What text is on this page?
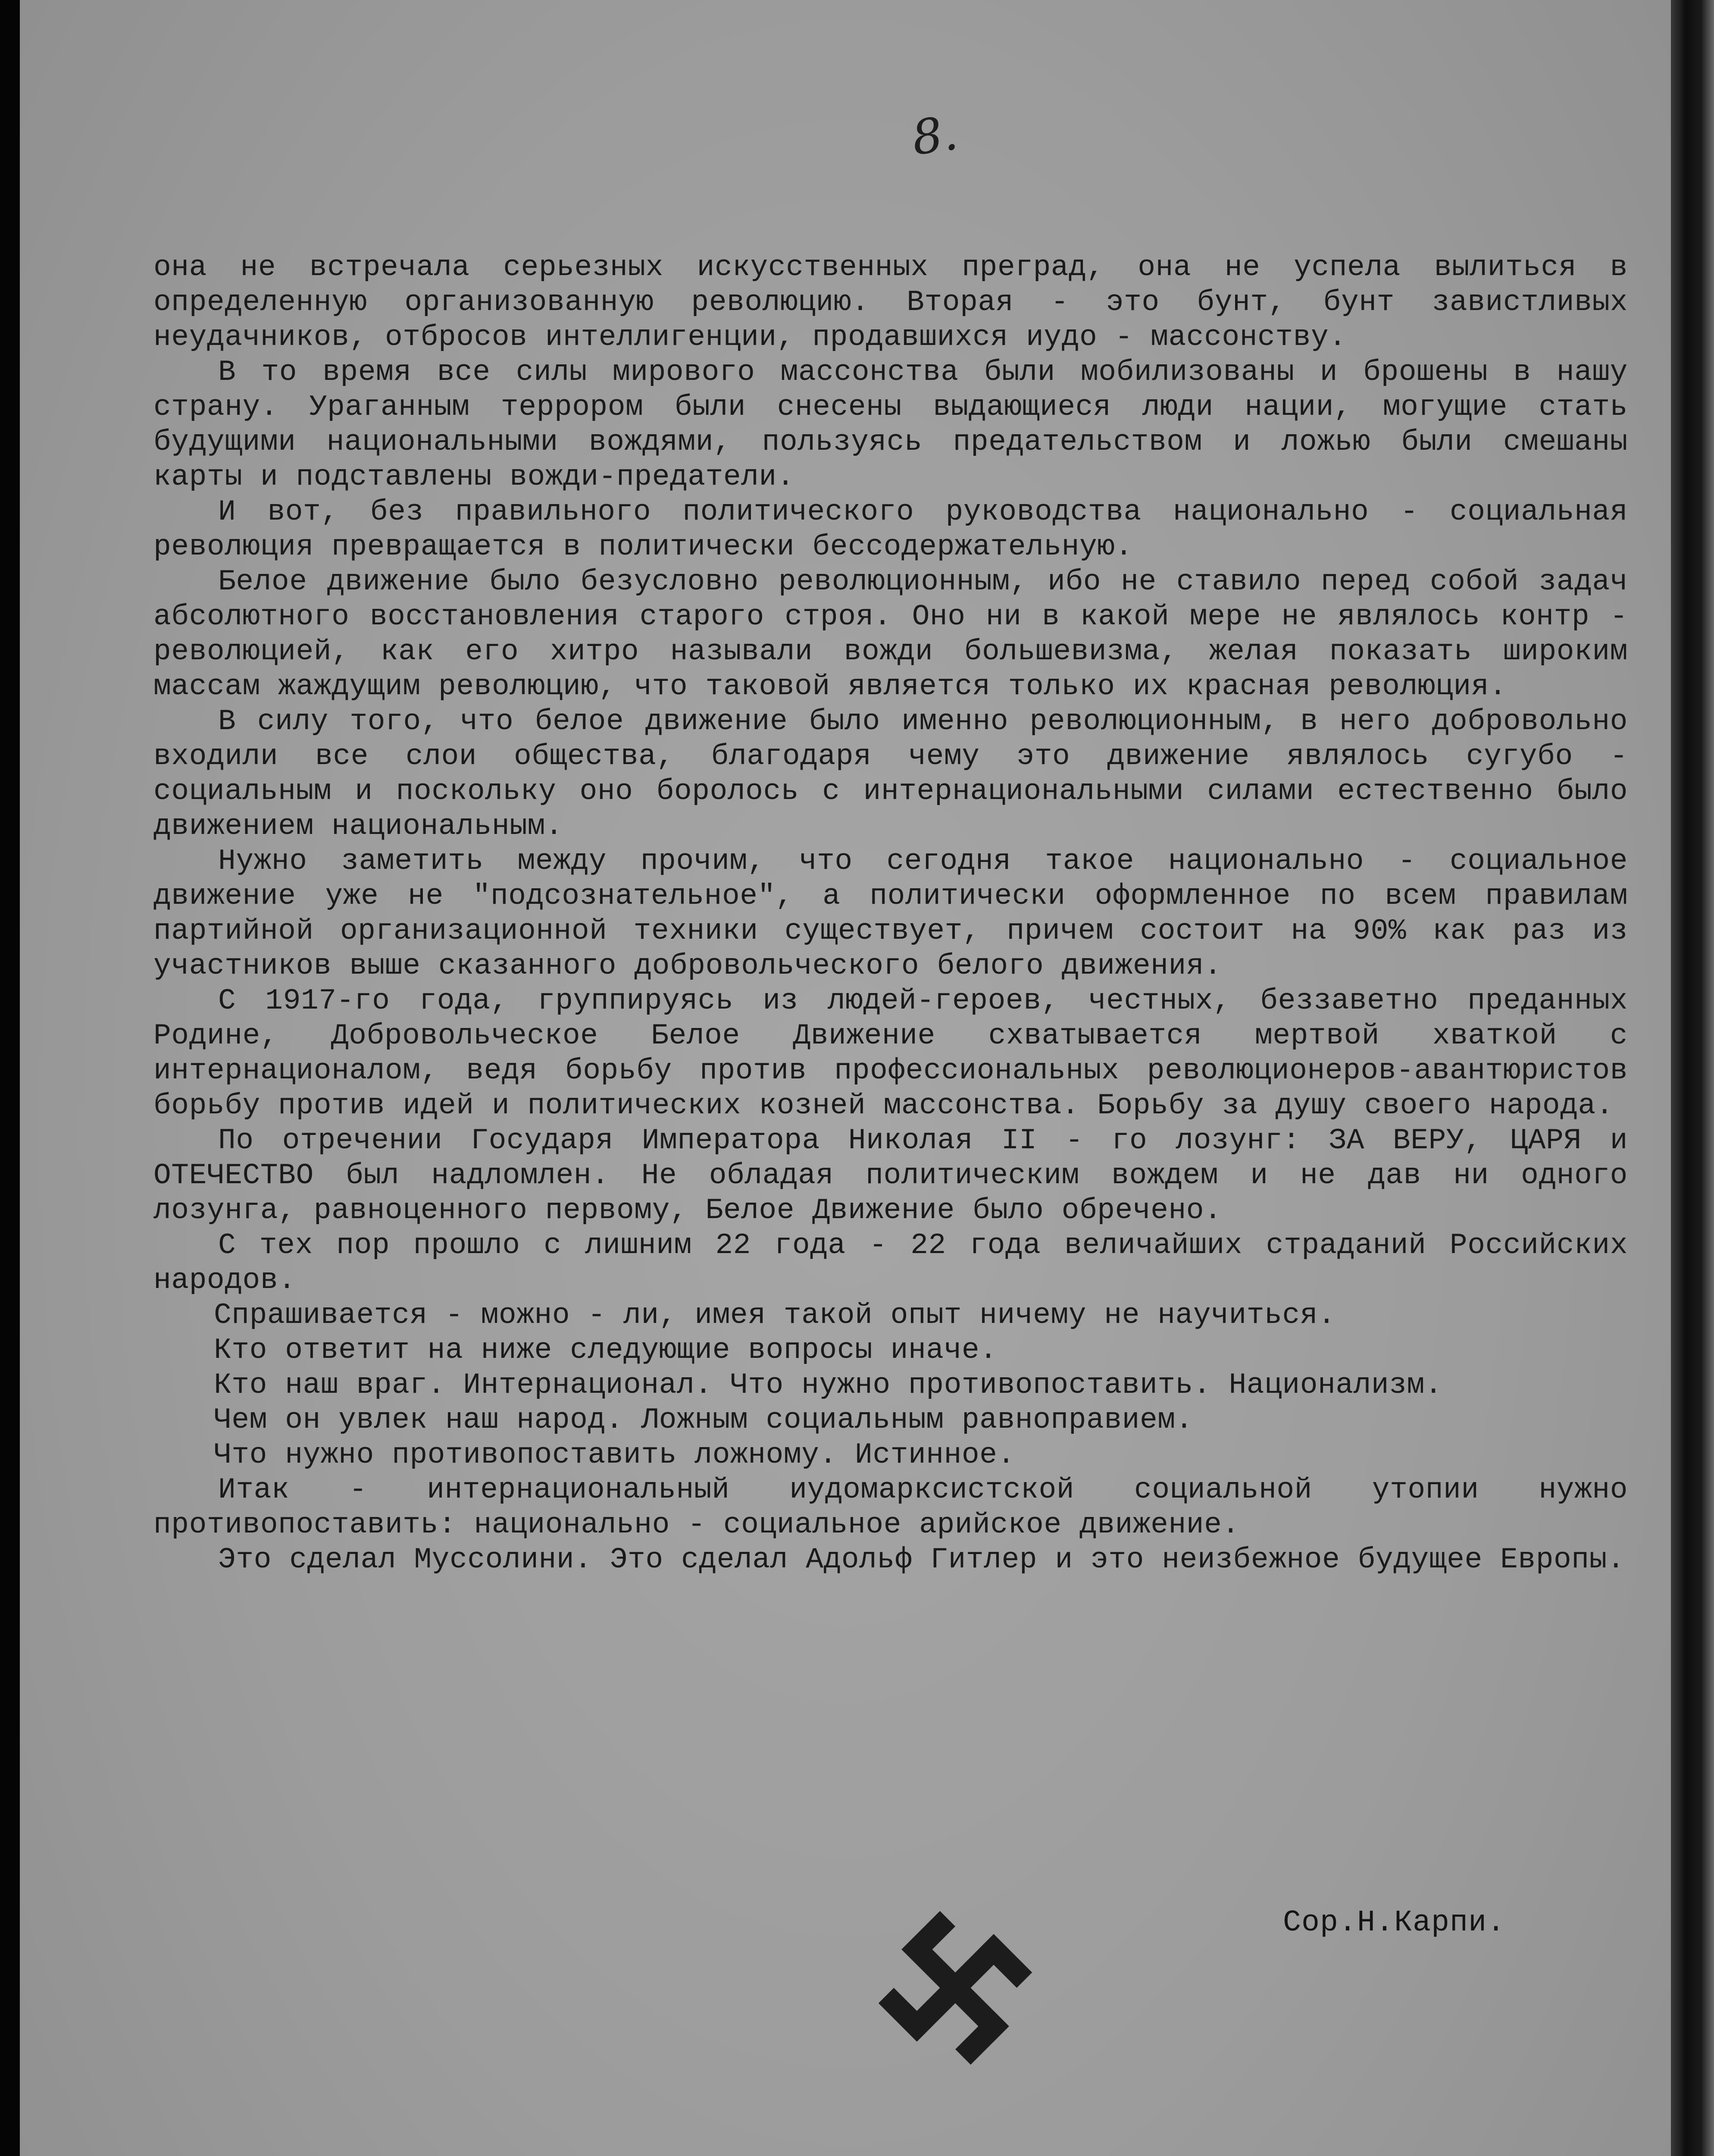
8.

она не встречала серьезных искусственных преград, она не успела вылиться в определенную организованную революцию. Вторая - это бунт, бунт завистливых неудачников, отбросов интеллигенции, продавшихся иудо - массонству.

В то время все силы мирового массонства были мобилизованы и брошены в нашу страну. Ураганным террором были снесены выдающиеся люди нации, могущие стать будущими национальными вождями, пользуясь предательством и ложью были смешаны карты и подставлены вожди-предатели.

И вот, без правильного политического руководства национально - социальная революция превращается в политически бессодержательную.

Белое движение было безусловно революционным, ибо не ставило перед собой задач абсолютного восстановления старого строя. Оно ни в какой мере не являлось контр - революцией, как его хитро называли вожди большевизма, желая показать широким массам жаждущим революцию, что таковой является только их красная революция.

В силу того, что белое движение было именно революционным, в него добровольно входили все слои общества, благодаря чему это движение являлось сугубо - социальным и поскольку оно боролось с интернациональными силами естественно было движением национальным.

Нужно заметить между прочим, что сегодня такое национально - социальное движение уже не "подсознательное", а политически оформленное по всем правилам партийной организационной техники существует, причем состоит на 90% как раз из участников выше сказанного добровольческого белого движения.

С 1917-го года, группируясь из людей-героев, честных, беззаветно преданных Родине, Добровольческое Белое Движение схватывается мертвой хваткой с интернационалом, ведя борьбу против профессиональных революционеров-авантюристов борьбу против идей и политических козней массонства. Борьбу за душу своего народа.

По отречении Государя Императора Николая II - го лозунг: ЗА ВЕРУ, ЦАРЯ и ОТЕЧЕСТВО был надломлен. Не обладая политическим вождем и не дав ни одного лозунга, равноценного первому, Белое Движение было обречено.

С тех пор прошло с лишним 22 года - 22 года величайших страданий Российских народов.

Спрашивается - можно - ли, имея такой опыт ничему не научиться.

Кто ответит на ниже следующие вопросы иначе.

Кто наш враг. Интернационал. Что нужно противопоставить. Национализм.

Чем он увлек наш народ. Ложным социальным равноправием.

Что нужно противопоставить ложному. Истинное.

Итак - интернациональный иудомарксистской социальной утопии нужно противопоставить: национально - социальное арийское движение.

Это сделал Муссолини. Это сделал Адольф Гитлер и это неизбежное будущее Европы.

Сор.Н.Карпи.
